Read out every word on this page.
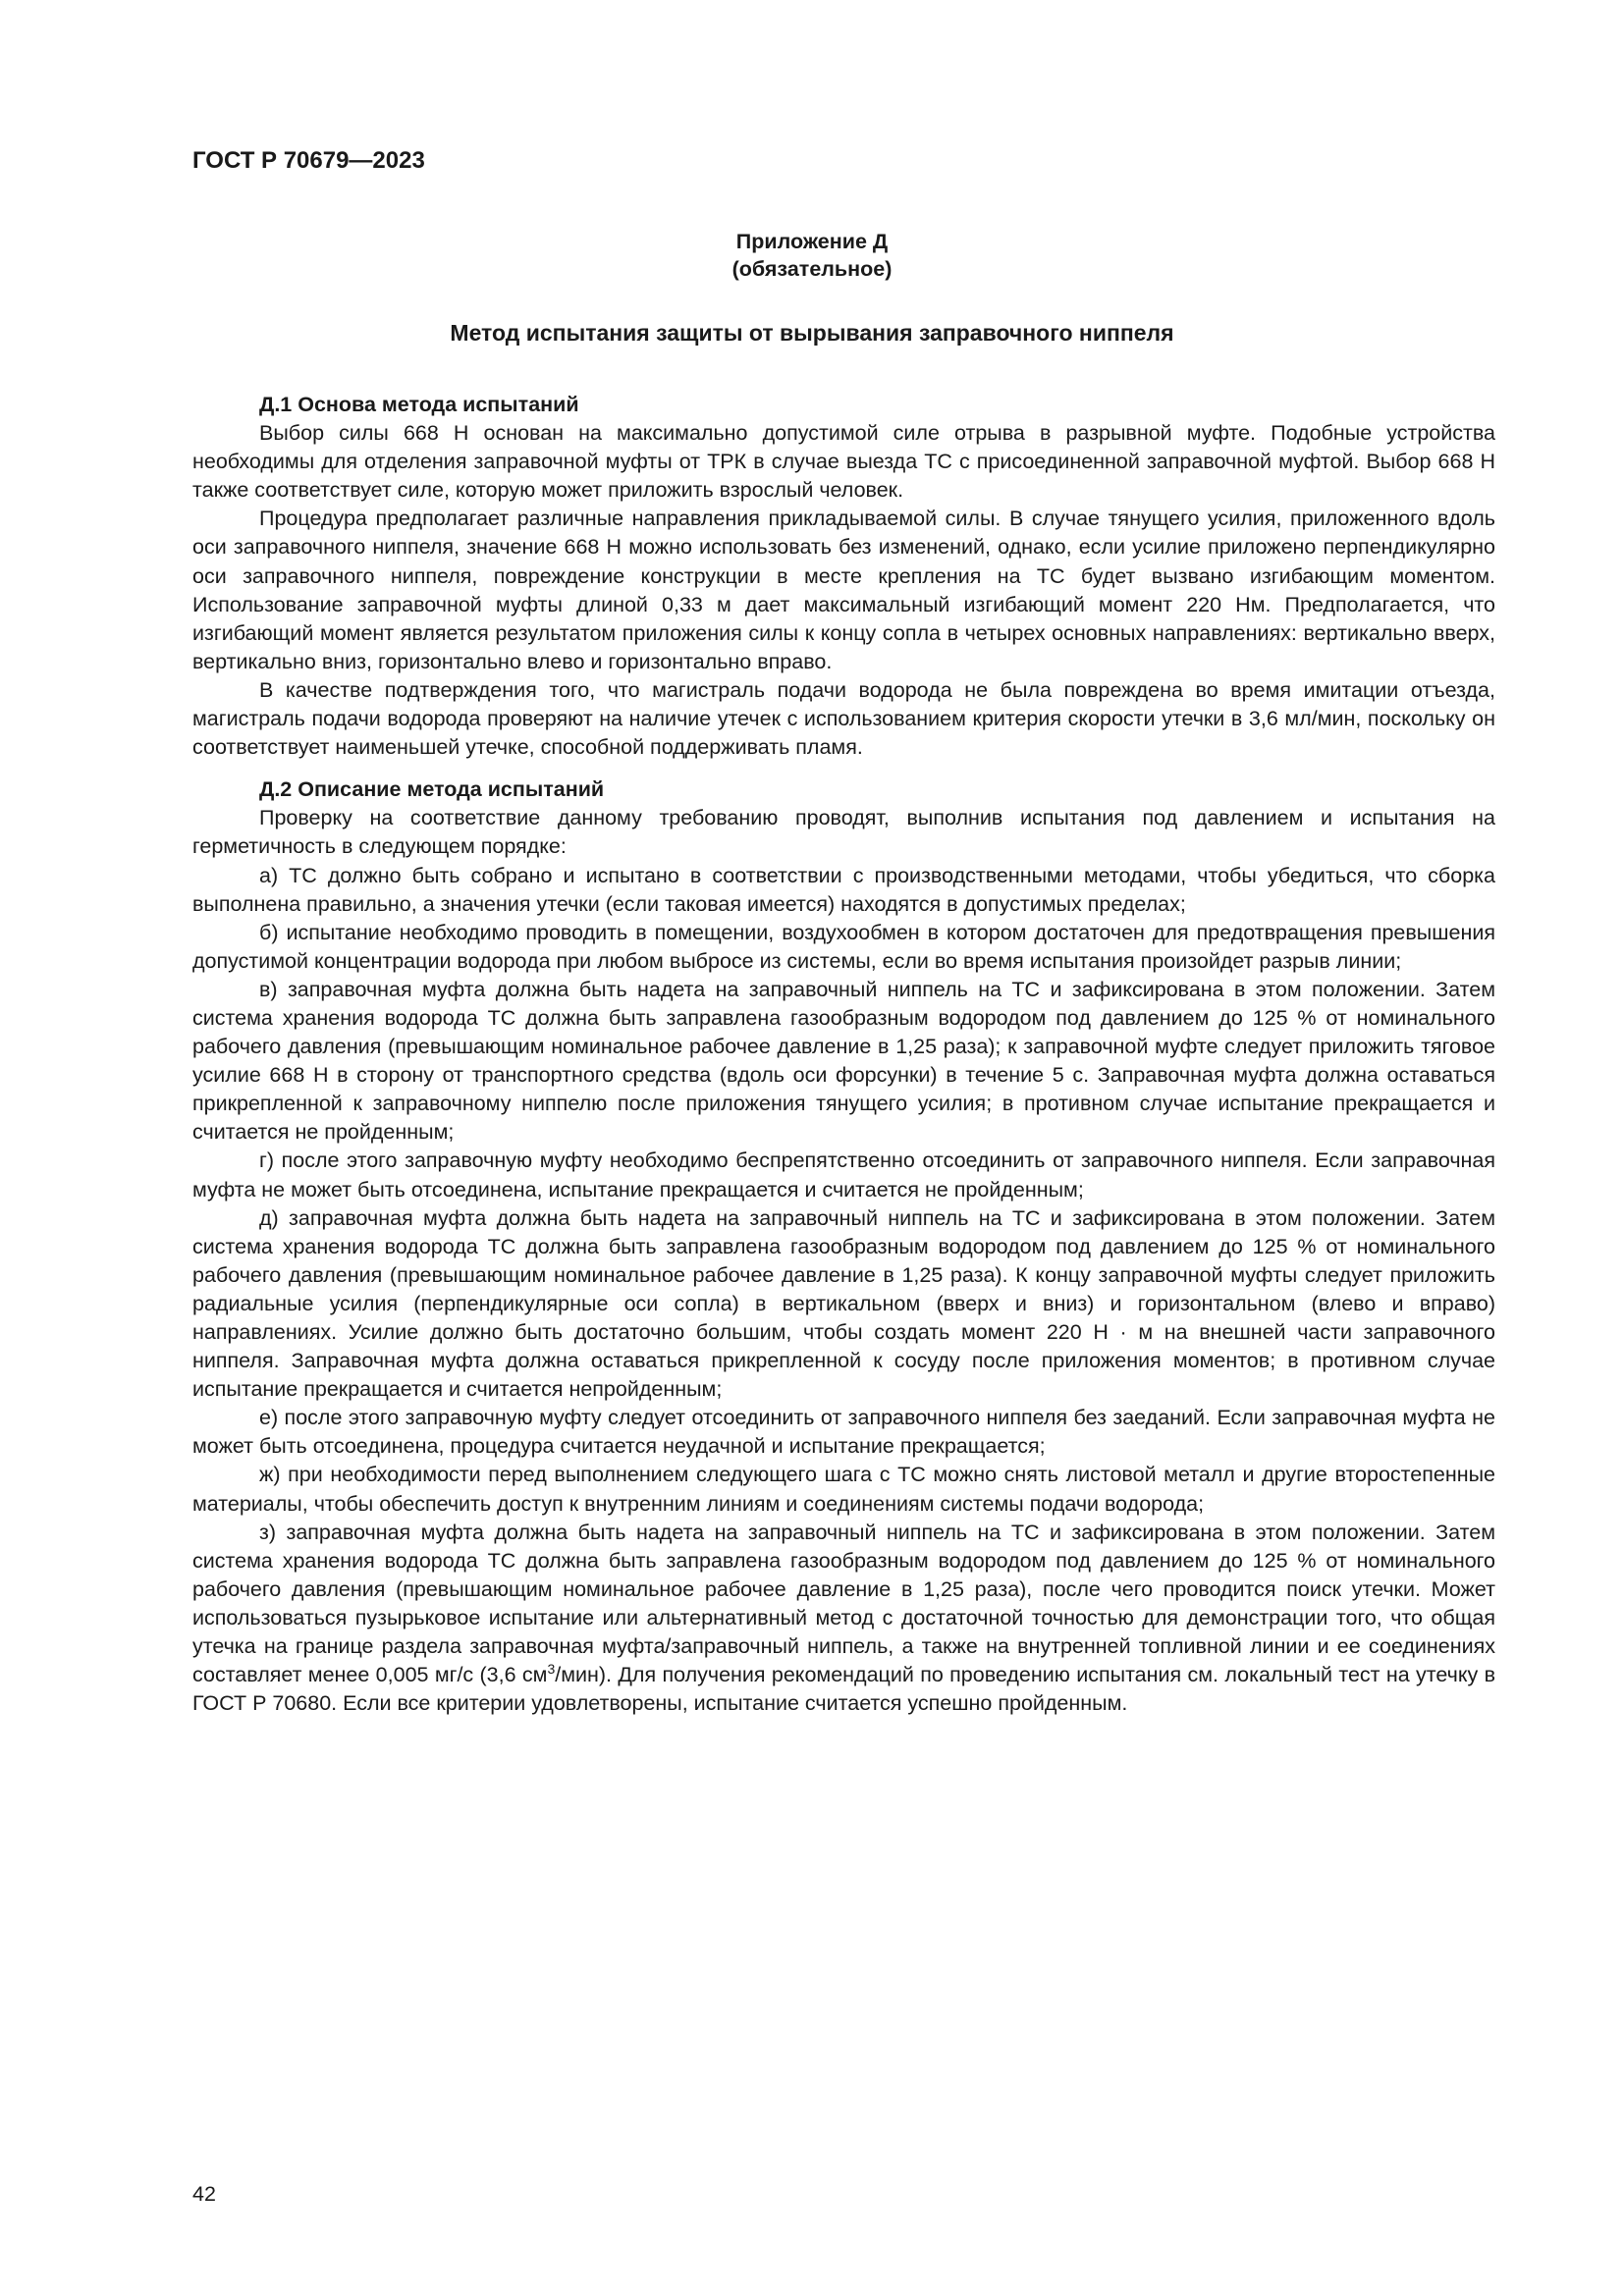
ГОСТ Р 70679—2023
Приложение Д
(обязательное)
Метод испытания защиты от вырывания заправочного ниппеля
Д.1 Основа метода испытаний

Выбор силы 668 Н основан на максимально допустимой силе отрыва в разрывной муфте. Подобные устройства необходимы для отделения заправочной муфты от ТРК в случае выезда ТС с присоединенной заправочной муфтой. Выбор 668 Н также соответствует силе, которую может приложить взрослый человек.

Процедура предполагает различные направления прикладываемой силы. В случае тянущего усилия, приложенного вдоль оси заправочного ниппеля, значение 668 Н можно использовать без изменений, однако, если усилие приложено перпендикулярно оси заправочного ниппеля, повреждение конструкции в месте крепления на ТС будет вызвано изгибающим моментом. Использование заправочной муфты длиной 0,33 м дает максимальный изгибающий момент 220 Нм. Предполагается, что изгибающий момент является результатом приложения силы к концу сопла в четырех основных направлениях: вертикально вверх, вертикально вниз, горизонтально влево и горизонтально вправо.

В качестве подтверждения того, что магистраль подачи водорода не была повреждена во время имитации отъезда, магистраль подачи водорода проверяют на наличие утечек с использованием критерия скорости утечки в 3,6 мл/мин, поскольку он соответствует наименьшей утечке, способной поддерживать пламя.

Д.2 Описание метода испытаний

Проверку на соответствие данному требованию проводят, выполнив испытания под давлением и испытания на герметичность в следующем порядке:

а) ТС должно быть собрано и испытано в соответствии с производственными методами, чтобы убедиться, что сборка выполнена правильно, а значения утечки (если таковая имеется) находятся в допустимых пределах;

б) испытание необходимо проводить в помещении, воздухообмен в котором достаточен для предотвращения превышения допустимой концентрации водорода при любом выбросе из системы, если во время испытания произойдет разрыв линии;

в) заправочная муфта должна быть надета на заправочный ниппель на ТС и зафиксирована в этом положении. Затем система хранения водорода ТС должна быть заправлена газообразным водородом под давлением до 125 % от номинального рабочего давления (превышающим номинальное рабочее давление в 1,25 раза); к заправочной муфте следует приложить тяговое усилие 668 Н в сторону от транспортного средства (вдоль оси форсунки) в течение 5 с. Заправочная муфта должна оставаться прикрепленной к заправочному ниппелю после приложения тянущего усилия; в противном случае испытание прекращается и считается не пройденным;

г) после этого заправочную муфту необходимо беспрепятственно отсоединить от заправочного ниппеля. Если заправочная муфта не может быть отсоединена, испытание прекращается и считается не пройденным;

д) заправочная муфта должна быть надета на заправочный ниппель на ТС и зафиксирована в этом положении. Затем система хранения водорода ТС должна быть заправлена газообразным водородом под давлением до 125 % от номинального рабочего давления (превышающим номинальное рабочее давление в 1,25 раза). К концу заправочной муфты следует приложить радиальные усилия (перпендикулярные оси сопла) в вертикальном (вверх и вниз) и горизонтальном (влево и вправо) направлениях. Усилие должно быть достаточно большим, чтобы создать момент 220 Н · м на внешней части заправочного ниппеля. Заправочная муфта должна оставаться прикрепленной к сосуду после приложения моментов; в противном случае испытание прекращается и считается непройденным;

е) после этого заправочную муфту следует отсоединить от заправочного ниппеля без заеданий. Если заправочная муфта не может быть отсоединена, процедура считается неудачной и испытание прекращается;

ж) при необходимости перед выполнением следующего шага с ТС можно снять листовой металл и другие второстепенные материалы, чтобы обеспечить доступ к внутренним линиям и соединениям системы подачи водорода;

з) заправочная муфта должна быть надета на заправочный ниппель на ТС и зафиксирована в этом положении. Затем система хранения водорода ТС должна быть заправлена газообразным водородом под давлением до 125 % от номинального рабочего давления (превышающим номинальное рабочее давление в 1,25 раза), после чего проводится поиск утечки. Может использоваться пузырьковое испытание или альтернативный метод с достаточной точностью для демонстрации того, что общая утечка на границе раздела заправочная муфта/заправочный ниппель, а также на внутренней топливной линии и ее соединениях составляет менее 0,005 мг/с (3,6 $см^3/мин$). Для получения рекомендаций по проведению испытания см. локальный тест на утечку в ГОСТ Р 70680. Если все критерии удовлетворены, испытание считается успешно пройденным.

42
